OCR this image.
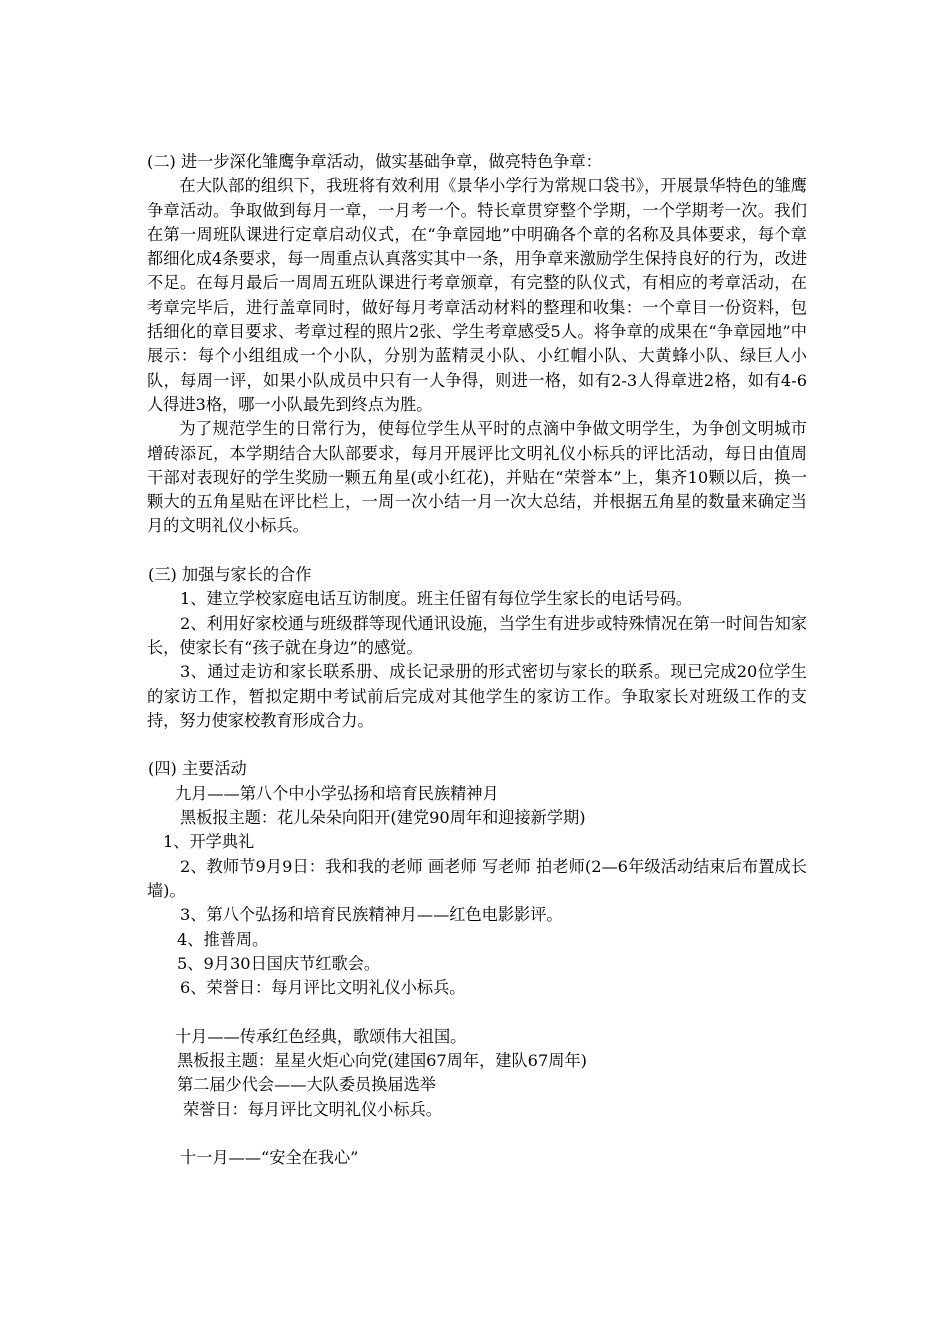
(二) 进一步深化雏鹰争章活动，做实基础争章，做亮特色争章：
在大队部的组织下，我班将有效利用《景华小学行为常规口袋书》，开展景华特色的雏鹰争章活动。争取做到每月一章，一月考一个。特长章贯穿整个学期，一个学期考一次。我们在第一周班队课进行定章启动仪式，在“争章园地”中明确各个章的名称及具体要求，每个章都细化成4条要求，每一周重点认真落实其中一条，用争章来激励学生保持良好的行为，改进不足。在每月最后一周周五班队课进行考章颁章，有完整的队仪式，有相应的考章活动，在考章完毕后，进行盖章同时，做好每月考章活动材料的整理和收集：一个章目一份资料，包括细化的章目要求、考章过程的照片2张、学生考章感受5人。将争章的成果在“争章园地”中展示：每个小组组成一个小队，分别为蓝精灵小队、小红帽小队、大黄蜂小队、绿巨人小队，每周一评，如果小队成员中只有一人争得，则进一格，如有2-3人得章进2格，如有4-6人得进3格，哪一小队最先到终点为胜。
为了规范学生的日常行为，使每位学生从平时的点滴中争做文明学生，为争创文明城市增砖添瓦，本学期结合大队部要求，每月开展评比文明礼仪小标兵的评比活动，每日由值周干部对表现好的学生奖励一颗五角星(或小红花)，并贴在“荣誉本”上，集齐10颗以后，换一颗大的五角星贴在评比栏上，一周一次小结一月一次大总结，并根据五角星的数量来确定当月的文明礼仪小标兵。
(三) 加强与家长的合作
1、建立学校家庭电话互访制度。班主任留有每位学生家长的电话号码。
2、利用好家校通与班级群等现代通讯设施，当学生有进步或特殊情况在第一时间告知家长，使家长有“孩子就在身边”的感觉。
3、通过走访和家长联系册、成长记录册的形式密切与家长的联系。现已完成20位学生的家访工作，暂拟定期中考试前后完成对其他学生的家访工作。争取家长对班级工作的支持，努力使家校教育形成合力。
(四) 主要活动
九月——第八个中小学弘扬和培育民族精神月
黑板报主题：花儿朵朵向阳开(建党90周年和迎接新学期)
1、开学典礼
2、教师节9月9日：我和我的老师 画老师 写老师 拍老师(2—6年级活动结束后布置成长墙)。
3、第八个弘扬和培育民族精神月——红色电影影评。
4、推普周。
5、9月30日国庆节红歌会。
6、荣誉日：每月评比文明礼仪小标兵。
十月——传承红色经典，歌颂伟大祖国。
黑板报主题：星星火炬心向党(建国67周年，建队67周年)
第二届少代会——大队委员换届选举
荣誉日：每月评比文明礼仪小标兵。
十一月——“安全在我心”
